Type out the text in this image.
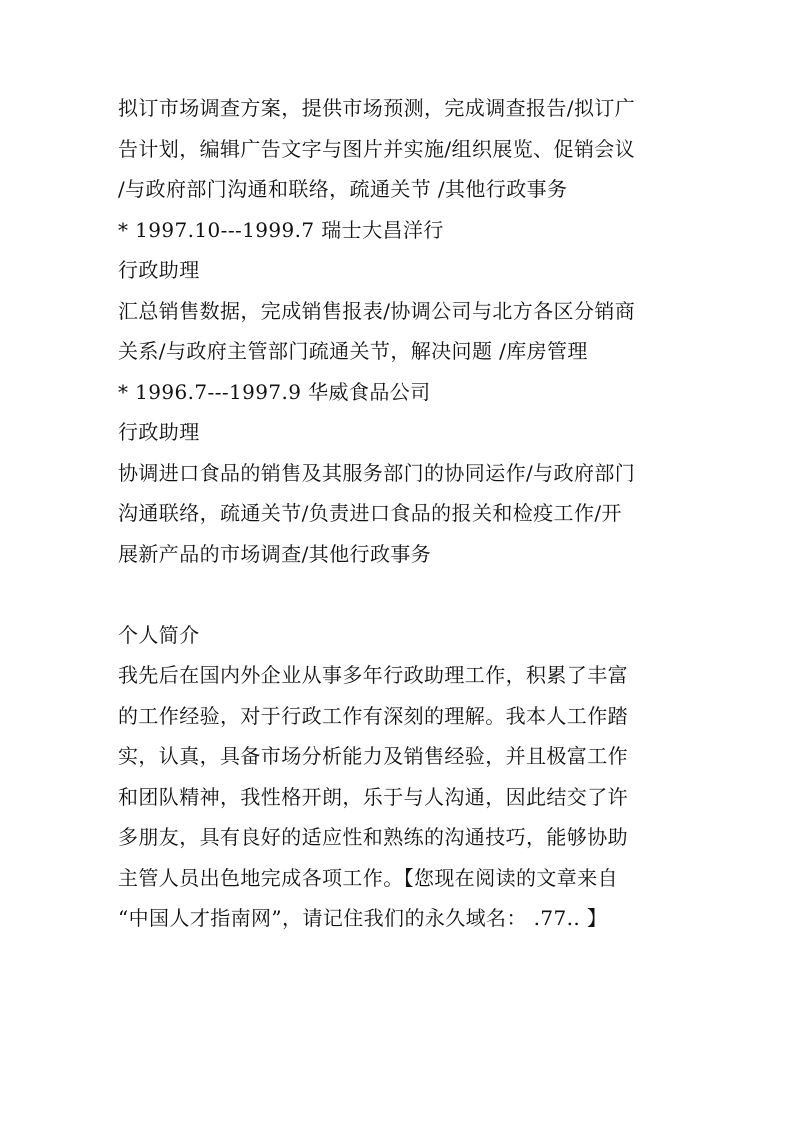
拟订市场调查方案，提供市场预测，完成调查报告/拟订广
告计划，编辑广告文字与图片并实施/组织展览、促销会议
/与政府部门沟通和联络，疏通关节 /其他行政事务
* 1997.10---1999.7 瑞士大昌洋行
行政助理
汇总销售数据，完成销售报表/协调公司与北方各区分销商
关系/与政府主管部门疏通关节，解决问题 /库房管理
* 1996.7---1997.9 华威食品公司
行政助理
协调进口食品的销售及其服务部门的协同运作/与政府部门
沟通联络，疏通关节/负责进口食品的报关和检疫工作/开
展新产品的市场调查/其他行政事务
个人简介
我先后在国内外企业从事多年行政助理工作，积累了丰富
的工作经验，对于行政工作有深刻的理解。我本人工作踏
实，认真，具备市场分析能力及销售经验，并且极富工作
和团队精神，我性格开朗，乐于与人沟通，因此结交了许
多朋友，具有良好的适应性和熟练的沟通技巧，能够协助
主管人员出色地完成各项工作。【您现在阅读的文章来自
“中国人才指南网”，请记住我们的永久域名： .77.. 】
